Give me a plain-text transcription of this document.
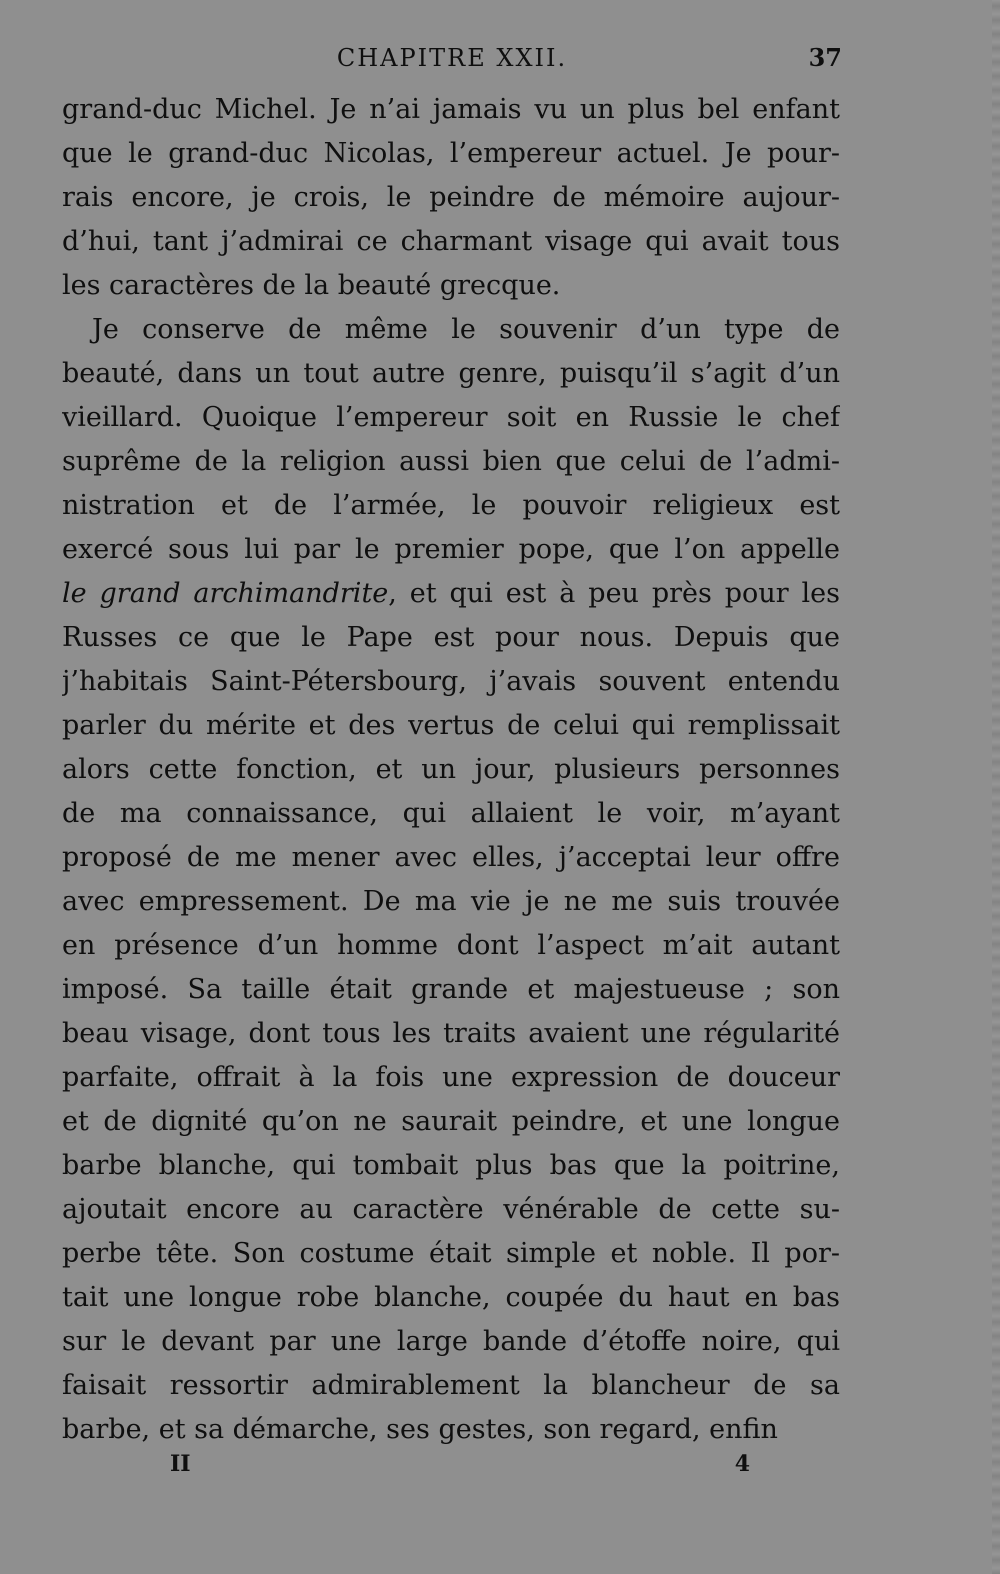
CHAPITRE XXII.	37
grand-duc Michel. Je n’ai jamais vu un plus bel enfant
que le grand-duc Nicolas, l’empereur actuel. Je pour-
rais encore, je crois, le peindre de mémoire aujour-
d’hui, tant j’admirai ce charmant visage qui avait tous
les caractères de la beauté grecque.
Je conserve de même le souvenir d’un type de
beauté, dans un tout autre genre, puisqu’il s’agit d’un
vieillard. Quoique l’empereur soit en Russie le chef
suprême de la religion aussi bien que celui de l’admi-
nistration et de l’armée, le pouvoir religieux est
exercé sous lui par le premier pope, que l’on appelle
le grand archimandrite, et qui est à peu près pour les
Russes ce que le Pape est pour nous. Depuis que
j’habitais Saint-Pétersbourg, j’avais souvent entendu
parler du mérite et des vertus de celui qui remplissait
alors cette fonction, et un jour, plusieurs personnes
de ma connaissance, qui allaient le voir, m’ayant
proposé de me mener avec elles, j’acceptai leur offre
avec empressement. De ma vie je ne me suis trouvée
en présence d’un homme dont l’aspect m’ait autant
imposé. Sa taille était grande et majestueuse ; son
beau visage, dont tous les traits avaient une régularité
parfaite, offrait à la fois une expression de douceur
et de dignité qu’on ne saurait peindre, et une longue
barbe blanche, qui tombait plus bas que la poitrine,
ajoutait encore au caractère vénérable de cette su-
perbe tête. Son costume était simple et noble. Il por-
tait une longue robe blanche, coupée du haut en bas
sur le devant par une large bande d’étoffe noire, qui
faisait ressortir admirablement la blancheur de sa
barbe, et sa démarche, ses gestes, son regard, enfin
II	4
